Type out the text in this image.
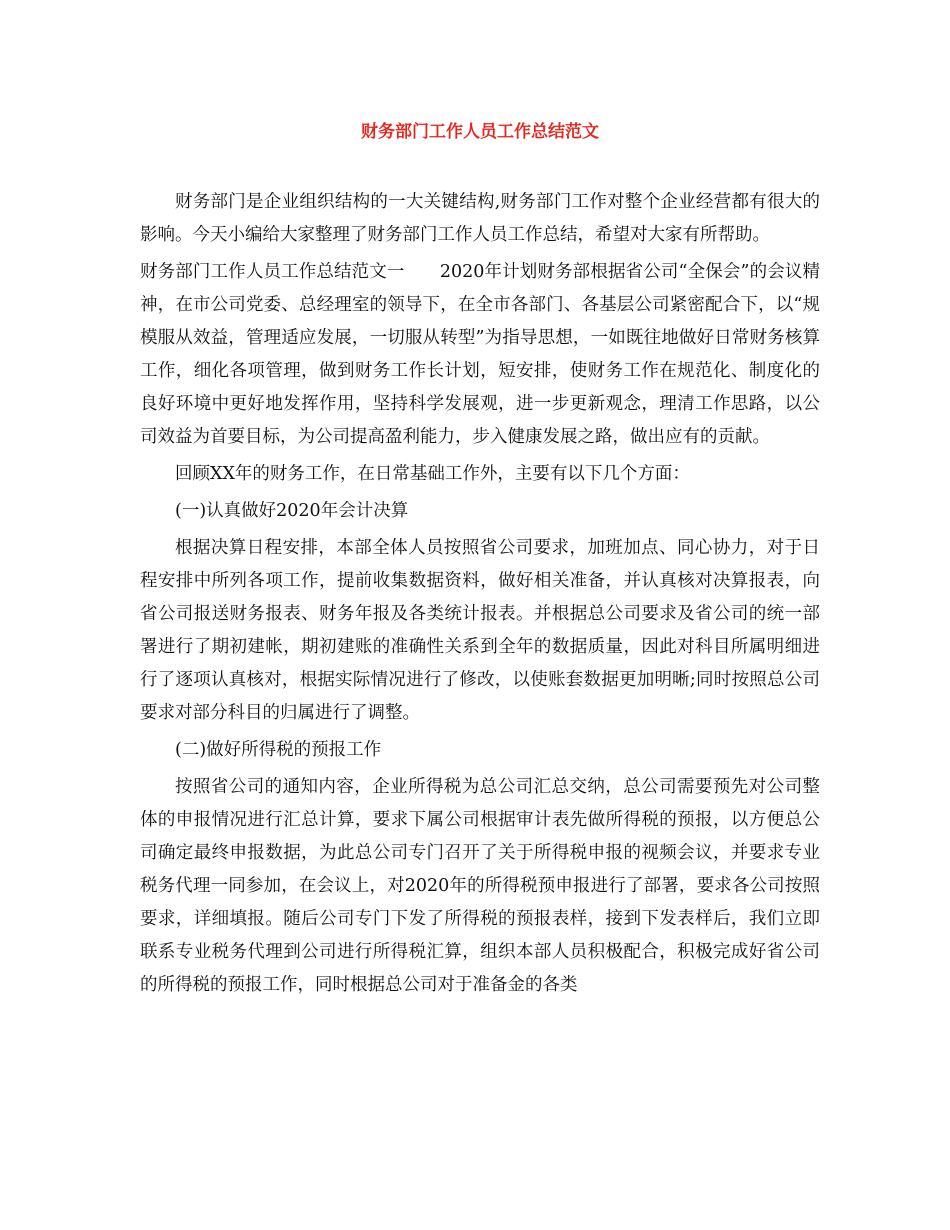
财务部门工作人员工作总结范文

财务部门是企业组织结构的一大关键结构,财务部门工作对整个企业经营都有很大的影响。今天小编给大家整理了财务部门工作人员工作总结，希望对大家有所帮助。

财务部门工作人员工作总结范文一　　2020年计划财务部根据省公司“全保会”的会议精神，在市公司党委、总经理室的领导下，在全市各部门、各基层公司紧密配合下，以“规模服从效益，管理适应发展，一切服从转型”为指导思想，一如既往地做好日常财务核算工作，细化各项管理，做到财务工作长计划，短安排，使财务工作在规范化、制度化的良好环境中更好地发挥作用，坚持科学发展观，进一步更新观念，理清工作思路，以公司效益为首要目标，为公司提高盈利能力，步入健康发展之路，做出应有的贡献。

回顾XX年的财务工作，在日常基础工作外，主要有以下几个方面：

(一)认真做好2020年会计决算

根据决算日程安排，本部全体人员按照省公司要求，加班加点、同心协力，对于日程安排中所列各项工作，提前收集数据资料，做好相关准备，并认真核对决算报表，向省公司报送财务报表、财务年报及各类统计报表。并根据总公司要求及省公司的统一部署进行了期初建帐，期初建账的准确性关系到全年的数据质量，因此对科目所属明细进行了逐项认真核对，根据实际情况进行了修改，以使账套数据更加明晰;同时按照总公司要求对部分科目的归属进行了调整。

(二)做好所得税的预报工作

按照省公司的通知内容，企业所得税为总公司汇总交纳，总公司需要预先对公司整体的申报情况进行汇总计算，要求下属公司根据审计表先做所得税的预报，以方便总公司确定最终申报数据，为此总公司专门召开了关于所得税申报的视频会议，并要求专业税务代理一同参加，在会议上，对2020年的所得税预申报进行了部署，要求各公司按照要求，详细填报。随后公司专门下发了所得税的预报表样，接到下发表样后，我们立即联系专业税务代理到公司进行所得税汇算，组织本部人员积极配合，积极完成好省公司的所得税的预报工作，同时根据总公司对于准备金的各类
